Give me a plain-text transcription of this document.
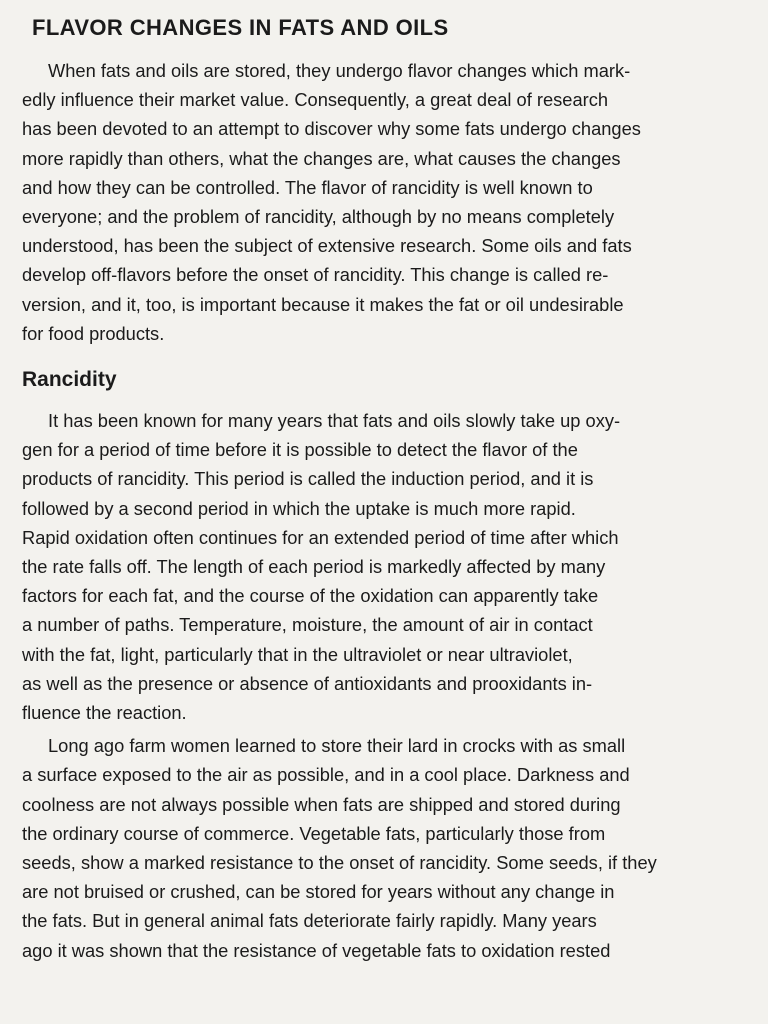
FLAVOR CHANGES IN FATS AND OILS
When fats and oils are stored, they undergo flavor changes which mark-
edly influence their market value. Consequently, a great deal of research
has been devoted to an attempt to discover why some fats undergo changes
more rapidly than others, what the changes are, what causes the changes
and how they can be controlled. The flavor of rancidity is well known to
everyone; and the problem of rancidity, although by no means completely
understood, has been the subject of extensive research. Some oils and fats
develop off-flavors before the onset of rancidity. This change is called re-
version, and it, too, is important because it makes the fat or oil undesirable
for food products.
Rancidity
It has been known for many years that fats and oils slowly take up oxy-
gen for a period of time before it is possible to detect the flavor of the
products of rancidity. This period is called the induction period, and it is
followed by a second period in which the uptake is much more rapid.
Rapid oxidation often continues for an extended period of time after which
the rate falls off. The length of each period is markedly affected by many
factors for each fat, and the course of the oxidation can apparently take
a number of paths. Temperature, moisture, the amount of air in contact
with the fat, light, particularly that in the ultraviolet or near ultraviolet,
as well as the presence or absence of antioxidants and prooxidants in-
fluence the reaction.
Long ago farm women learned to store their lard in crocks with as small
a surface exposed to the air as possible, and in a cool place. Darkness and
coolness are not always possible when fats are shipped and stored during
the ordinary course of commerce. Vegetable fats, particularly those from
seeds, show a marked resistance to the onset of rancidity. Some seeds, if they
are not bruised or crushed, can be stored for years without any change in
the fats. But in general animal fats deteriorate fairly rapidly. Many years
ago it was shown that the resistance of vegetable fats to oxidation rested
